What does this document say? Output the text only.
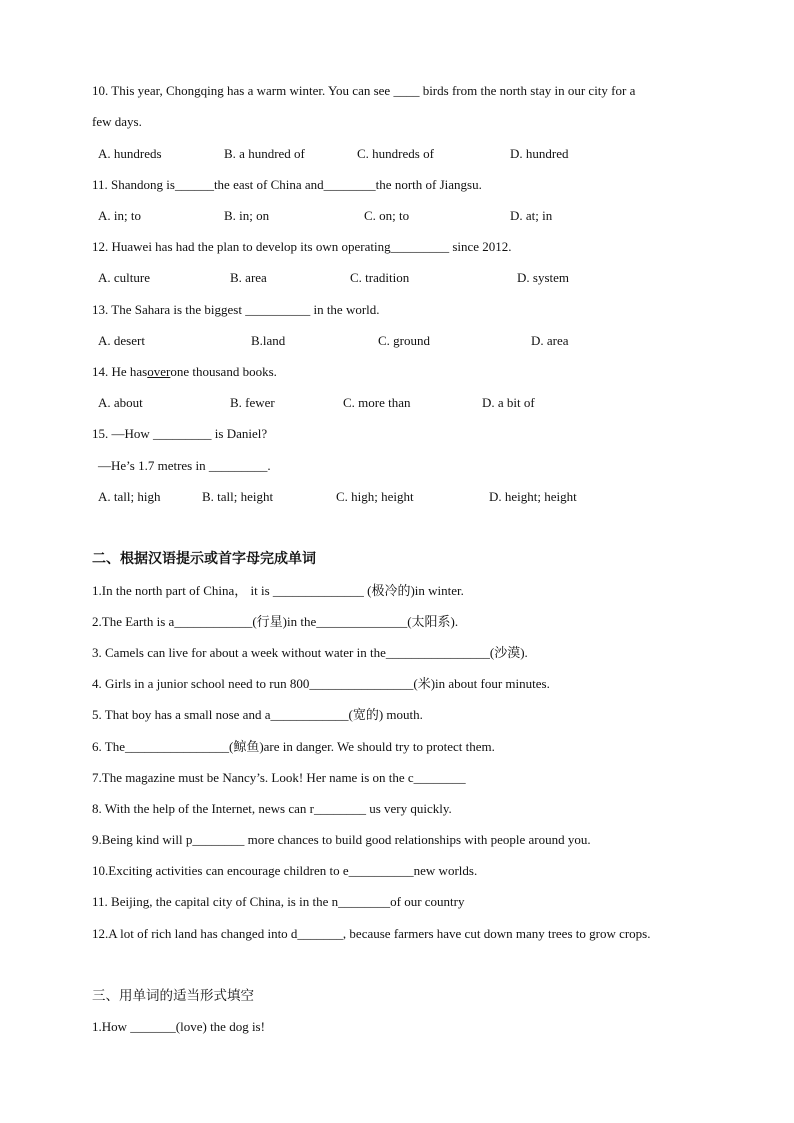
10. This year, Chongqing has a warm winter. You can see ____ birds from the north stay in our city for a
few days.
A. hundreds	B. a hundred of	C. hundreds of	D. hundred
11. Shandong is______the east of China and________the north of Jiangsu.
A. in; to	B. in; on	C. on; to	D. at; in
12. Huawei has had the plan to develop its own operating_________ since 2012.
A. culture	B. area	C. tradition	D. system
13. The Sahara is the biggest __________ in the world.
A. desert	B.land	C. ground	D. area
14. He hasoverone thousand books.
A. about	B. fewer	C. more than	D. a bit of
15. —How _________ is Daniel?
—He’s 1.7 metres in _________.
A. tall; high	B. tall; height	C. high; height	D. height; height
二、根据汉语提示或首字母完成单词
1.In the north part of China， it is ______________ (极冷的)in winter.
2.The Earth is a____________(行星)in the______________(太阳系).
3. Camels can live for about a week without water in the________________(沙漠).
4. Girls in a junior school need to run 800________________(米)in about four minutes.
5. That boy has a small nose and a____________(宽的) mouth.
6. The________________(鲸鱼)are in danger. We should try to protect them.
7.The magazine must be Nancy’s. Look! Her name is on the c________
8. With the help of the Internet, news can r________ us very quickly.
9.Being kind will p________ more chances to build good relationships with people around you.
10.Exciting activities can encourage children to e__________new worlds.
11. Beijing, the capital city of China, is in the n________of our country
12.A lot of rich land has changed into d_______, because farmers have cut down many trees to grow crops.
三、用单词的适当形式填空
1.How _______(love) the dog is!
